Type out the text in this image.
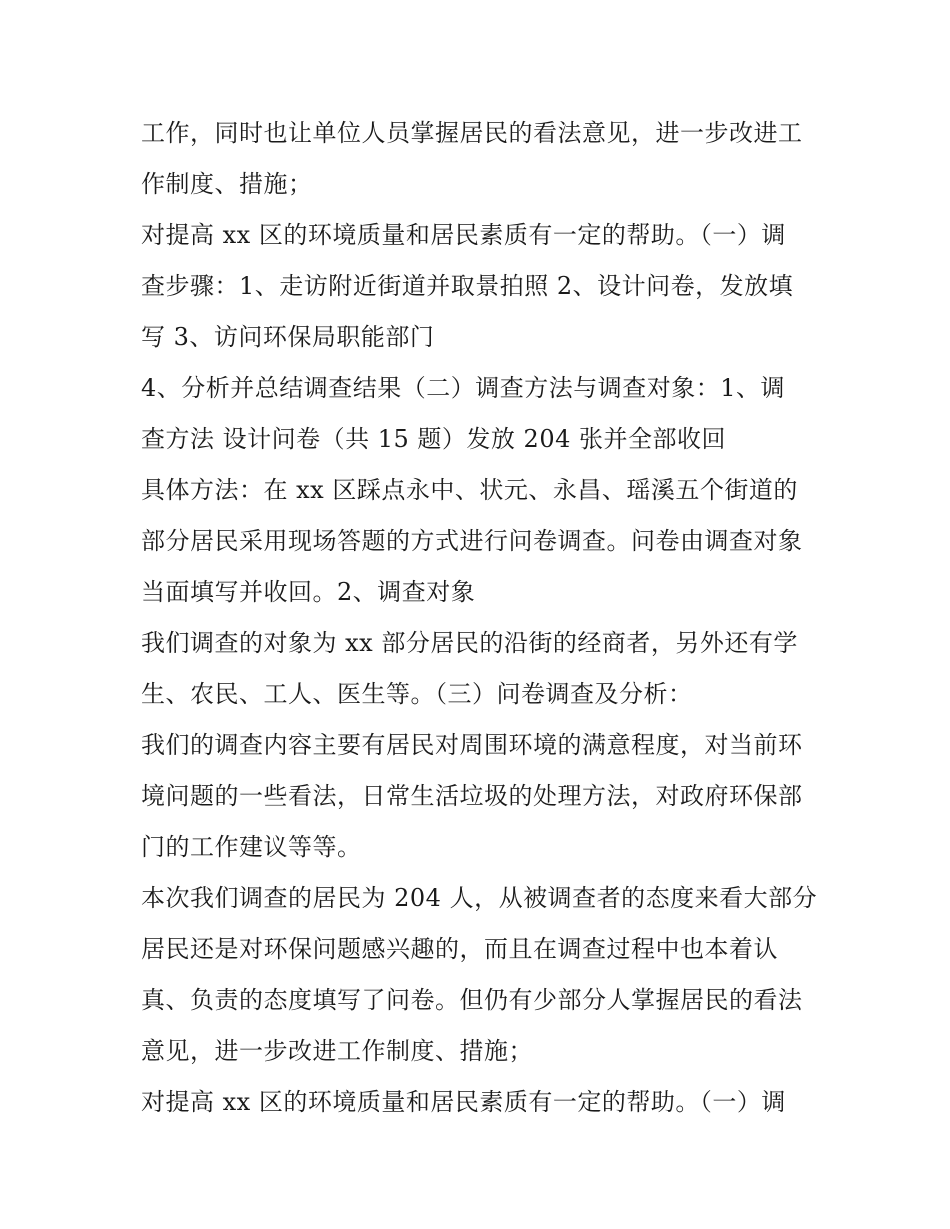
工作，同时也让单位人员掌握居民的看法意见，进一步改进工
作制度、措施；
对提高 xx 区的环境质量和居民素质有一定的帮助。（一）调
查步骤：1、走访附近街道并取景拍照 2、设计问卷，发放填
写 3、访问环保局职能部门
4、分析并总结调查结果（二）调查方法与调查对象：1、调
查方法 设计问卷（共 15 题）发放 204 张并全部收回
具体方法：在 xx 区踩点永中、状元、永昌、瑶溪五个街道的
部分居民采用现场答题的方式进行问卷调查。问卷由调查对象
当面填写并收回。2、调查对象
我们调查的对象为 xx 部分居民的沿街的经商者，另外还有学
生、农民、工人、医生等。（三）问卷调查及分析：
我们的调查内容主要有居民对周围环境的满意程度，对当前环
境问题的一些看法，日常生活垃圾的处理方法，对政府环保部
门的工作建议等等。
本次我们调查的居民为 204 人，从被调查者的态度来看大部分
居民还是对环保问题感兴趣的，而且在调查过程中也本着认
真、负责的态度填写了问卷。但仍有少部分人掌握居民的看法
意见，进一步改进工作制度、措施；
对提高 xx 区的环境质量和居民素质有一定的帮助。（一）调
